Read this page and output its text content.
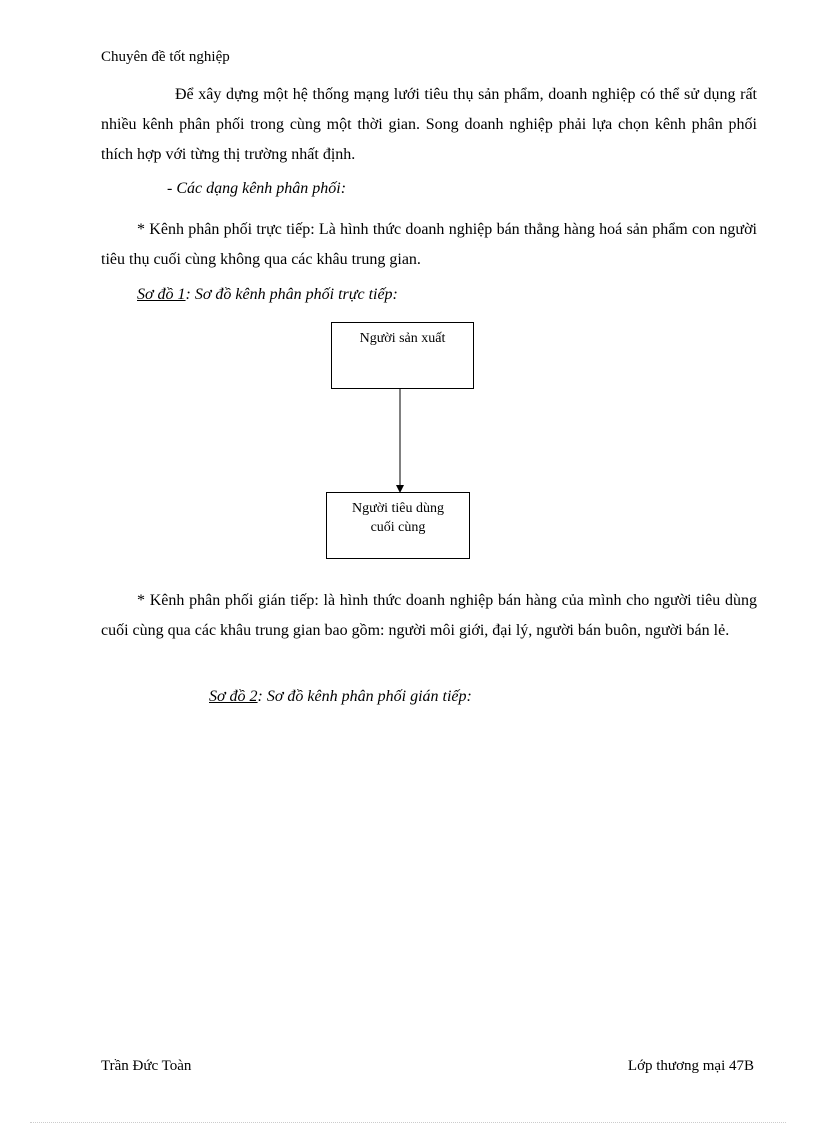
Chuyên đề tốt nghiệp

Để xây dựng một hệ thống mạng lưới tiêu thụ sản phẩm, doanh nghiệp có thể sử dụng rất nhiều kênh phân phối trong cùng một thời gian. Song doanh nghiệp phải lựa chọn kênh phân phối thích hợp với từng thị trường nhất định.

- Các dạng kênh phân phối:

* Kênh phân phối trực tiếp: Là hình thức doanh nghiệp bán thẳng hàng hoá sản phẩm con người tiêu thụ cuối cùng không qua các khâu trung gian.

Sơ đồ 1: Sơ đồ kênh phân phối trực tiếp:
Người sản xuất
Người tiêu dùng
cuối cùng

* Kênh phân phối gián tiếp: là hình thức doanh nghiệp bán hàng của mình cho người tiêu dùng cuối cùng qua các khâu trung gian bao gồm: người môi giới, đại lý, người bán buôn, người bán lẻ.

Sơ đồ 2: Sơ đồ kênh phân phối gián tiếp:
Trần Đức Toàn	Lớp thương mại 47B
